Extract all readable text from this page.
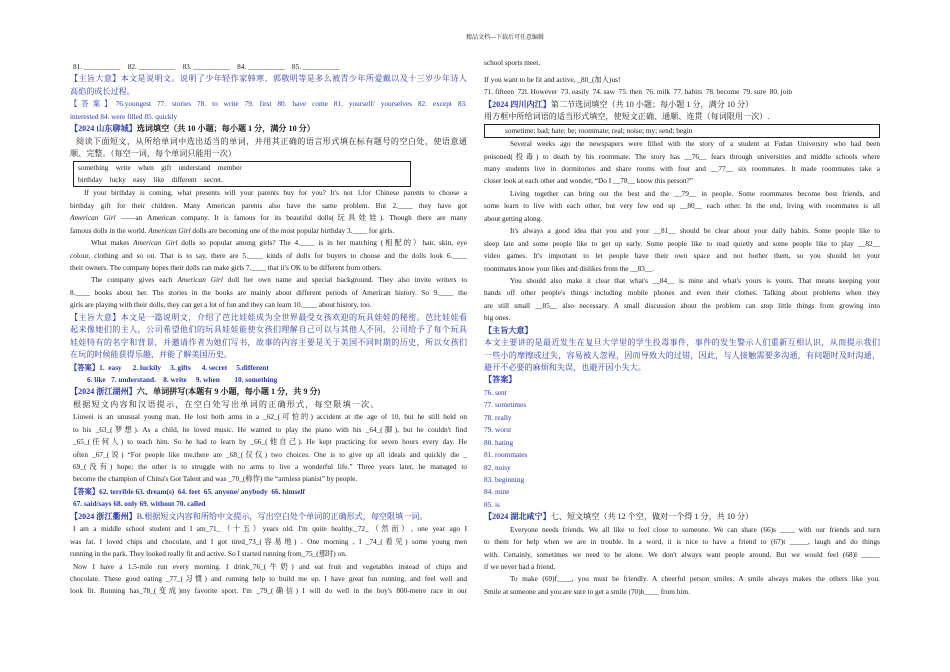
精品文档---下载后可任意编辑
81. __________    82. __________    83. __________    84. __________    85. __________
【主旨大意】本文是说明文。说明了少年轻作家韩寒、郭敬明等是多么被青少年所爱戴以及十三岁少年诗人
高焰的成长过程。
【答案】76.youngest 77. stories 78. to write 79. first 80. have come 81. yourself/ yourselves 82. except 83.
interested 84. were filled 85. quickly
【2024 山东聊城】选词填空（共 10 小题；每小题 1 分，满分 10 分）
阅读下面短文，从所给单词中选出适当的单词，并用其正确的语言形式填在标有题号的空白处，使语意通
顺、完整。（每空一词，每个单词只能用一次）
something    write    when    gift    understand    member
birthday    lucky    easy    like    different    secret.
If your birthday is coming, what presents will your parents buy for you? It's not 1.for Chinese parents to choose a
birthday gift for their children. Many American parents also have the same problem. But 2.____ they have got
American Girl ——an American company. It is famous for its beautiful dolls(玩具娃娃). Though there are many
famous dolls in the world. American Girl dolls are becoming one of the most popular birthday 3.____ for girls.
What makes American Girl dolls so popular among girls? The 4.____ is in her matching (相配的）hair, skin, eye
colour, clothing and so on. That is to say, there are 5.____ kinds of dolls for buyers to choose and the dolls look 6.____
their owners. The company hopes their dolls can make girls 7.____ that it's OK to be different from others.
The company gives each American Girl doll her own name and special background. They also invite writers to
8.____ books about her. The stories in the books are mainly about different periods of American history. So 9.____ the
girls are playing with their dolls, they can get a lot of fun and they can learn 10.____ about history, too.
【主旨大意】本文是一篇说明文，介绍了芭比娃娃成为全世界最受女孩欢迎的玩具娃娃的秘密。芭比娃娃看
起来像她们的主人，公司希望他们的玩具娃娃能使女孩们理解自己可以与其他人不同，公司给予了每个玩具
娃娃特有的名字和背景，并邀请作者为她们写书，故事的内容主要是关于美国不同时期的历史，所以女孩们
在玩的时候能获得乐趣，并能了解美国历史。
【答案】1.  easy      2. luckily     3. gifts      4. secret     5.different
6. like   7. understand.    8. write     9. when        10. something
【2024 浙江湖州】六、单词拼写(本题有 9 小题，每小题 1 分，共 9 分)
根据短文内容和汉语提示，在空白处写出单词的正确形式，每空限填一次。
Liuwei is an unusual young man. He lost both arms in a _62_(可怕的) accident at the age of 10, but he still held on
to his _63_(梦想). As a child, he loved music. He wanted to play the piano with his _64_(脚), but he couldn't find
_65_(任何人) to teach him. So he had to learn by _66_(他自己). He kept practicing for seven hours every day. He
often _67_(说) “For people like me,there are _68_(仅仅) two choices. One is to give up all ideals and quickly die _
69_(没有) hope; the other is to struggle with no arms to live a wonderful life.” Three years later, he managed to
become the champion of China's Got Talent and was _70_(称作) the “armless pianist” by people.
【答案】62. terrible 63. dream(s)  64. feet  65. anyone/ anybody  66. himself
67. said/says 68. only 69. without 70. called
【2024 浙江衢州】B.根据短文内容和所给中文提示，写出空白处个单词的正确形式，每空限填一词。
I am a middle school student and I am_71_（十五）years old. I'm quite healthy._72_（然而）, one year ago I
was fat. I loved chips and chocolate, and I got tired_73_(容易地) . One morning , I _74_(看见) some young men
running in the park. They looked really fit and active. So I started running from_75_(那时) on.
Now I have a 1.5-mile run every morning. I drink_76_(牛奶) and eat fruit and vegetables instead of chips and
chocolate. These good eating _77_(习惯) and running help to build me up. I have great fun running, and feel well and
look fit. Running has_78_(变成)my favorite sport. I'm _79_(确信) I will do well in the boy's 800-metre race in our
school sports meet.
If you want to be fit and active, _80_(加入)us!
71. fifteen  72l. However  73. easily  74. saw  75. then  76. milk  77. habits  78. become  79. sure  80. join
【2024 四川内江】第二节选词填空（共 10 小题；每小题 1 分，满分 10 分）
用方框中所给词语的适当形式填空，使短文正确、通顺、连贯（每词限用一次）.
sometime; bad; hate; be; roommate; real; noise; my; send; begin
Several weeks ago the newspapers were filled with the story of a student at Fudan University who had been
poisoned(投毒) to death by his roommate. The story has __76__ fears through universities and middle schools where
many students live in dormitories and share rooms with four and __77__ six roommates. It made roommates take a
closer look at each other and wonder, “Do I __78__ know this person?”
Living together can bring out the best and the __79__ in people. Some roommates become best friends, and
some learn to live with each other, but very few end up __80__ each other. In the end, living with roommates is all
about getting along.
It's always a good idea that you and your __81__ should be clear about your daily habits. Some people like to
sleep late and some people like to get up early. Some people like to read quietly and some people like to play __82__
video games. It's important to let people have their own space and not bother them, so you should let your
roommates know your likes and dislikes from the __83__.
You should also make it clear that what's __84__ is mine and what's yours is yours. That means keeping your
hands off other people's things including mobile phones and even their clothes. Talking about problems when they
are still small __85__ also necessary. A small discussion about the problem can stop little things from growing into
big ones.
【主旨大意】
本文主要讲的是最近发生在复旦大学里的学生投毒事件，事件的发生警示人们重新互相认识，从而提示我们
一些小的摩擦或过失，容易被人忽视，因而导致大的过错，因此，与人接触需要多沟通，有问题时及时沟通，
避开不必要的麻烦和失误，也避开因小失大。
【答案】
76. sent
77. sometimes
78. really
79. worst
80. hating
81. roommates
82. noisy
83. beginning
84. mine
85. is
【2024 湖北咸宁】七、短文填空（共 12 个空，做对一个得 1 分，共 10 分）
Everyone needs friends. We all like to feel close to someone. We can share (66)s ____ with our friends and turn
to them for help when we are in trouble. In a word, it is nice to have a friend to (67)t _____, laugh and do things
with. Certainly, sometimes we need to be alone. We don't always want people around. But we would feel (68)l _____
if we never had a friend.
To make (69)f____, you must be friendly. A cheerful person smiles. A smile always makes the others like you.
Smile at someone and you are sure to get a smile (70)b____ from him.
